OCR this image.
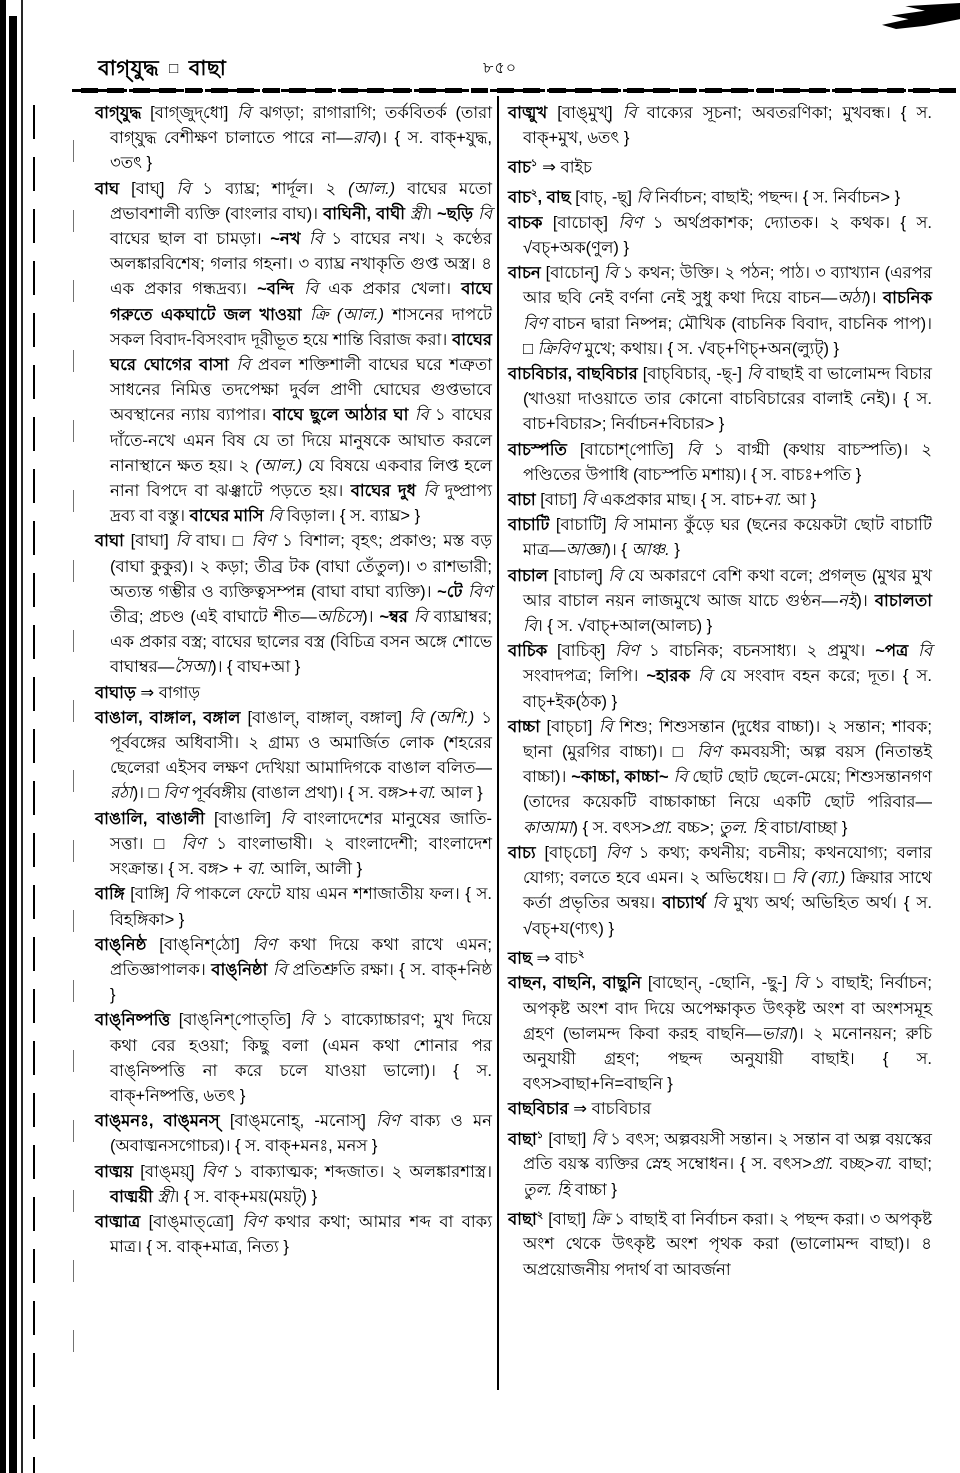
বাগ্‌যুদ্ধ □ বাছা	৮৫০

বাগ্‌যুদ্ধ [বাগ্‌জুদ্‌ধো] বি ঝগড়া; রাগারাগি; তর্কবিতর্ক (তারা বাগ্‌যুদ্ধ বেশীক্ষণ চালাতে পারে না—রাব)। { স. বাক্+যুদ্ধ, ৩তৎ }

বাঘ [বাঘ্] বি ১ ব্যাঘ্র; শার্দূল। ২ (আল.) বাঘের মতো প্রভাবশালী ব্যক্তি (বাংলার বাঘ)। বাঘিনী, বাঘী স্ত্রী। ~ছড়ি বি বাঘের ছাল বা চামড়া। ~নখ বি ১ বাঘের নখ। ২ কণ্ঠের অলঙ্কারবিশেষ; গলার গহনা। ৩ ব্যাঘ্র নখাকৃতি গুপ্ত অস্ত্র। ৪ এক প্রকার গন্ধদ্রব্য। ~বন্দি বি এক প্রকার খেলা। বাঘে গরুতে একঘাটে জল খাওয়া ক্রি (আল.) শাসনের দাপটে সকল বিবাদ-বিসংবাদ দূরীভূত হয়ে শান্তি বিরাজ করা। বাঘের ঘরে ঘোগের বাসা বি প্রবল শক্তিশালী বাঘের ঘরে শত্রুতা সাধনের নিমিত্ত তদপেক্ষা দুর্বল প্রাণী ঘোঘের গুপ্তভাবে অবস্থানের ন্যায় ব্যাপার। বাঘে ছুলে আঠার ঘা বি ১ বাঘের দাঁতে-নখে এমন বিষ যে তা দিয়ে মানুষকে আঘাত করলে নানাস্থানে ক্ষত হয়। ২ (আল.) যে বিষয়ে একবার লিপ্ত হলে নানা বিপদে বা ঝঞ্ঝাটে পড়তে হয়। বাঘের দুধ বি দুষ্প্রাপ্য দ্রব্য বা বস্তু। বাঘের মাসি বি বিড়াল। { স. ব্যাঘ্র> }

বাঘা [বাঘা] বি বাঘ। □ বিণ ১ বিশাল; বৃহৎ; প্রকাণ্ড; মস্ত বড় (বাঘা কুকুর)। ২ কড়া; তীব্র টক (বাঘা তেঁতুল)। ৩ রাশভারী; অত্যন্ত গম্ভীর ও ব্যক্তিত্বসম্পন্ন (বাঘা বাঘা ব্যক্তি)। ~টে বিণ তীব্র; প্রচণ্ড (এই বাঘাটে শীত—অচিসে)। ~ম্বর বি ব্যাঘ্রাম্বর; এক প্রকার বস্ত্র; বাঘের ছালের বস্ত্র (বিচিত্র বসন অঙ্গে শোভে বাঘাম্বর—সৈআ)। { বাঘ+আ }

বাঘাড় ⇒ বাগাড়

বাঙাল, বাঙ্গাল, বঙ্গাল [বাঙাল্, বাঙ্গাল্, বঙ্গাল্] বি (অশি.) ১ পূর্ববঙ্গের অধিবাসী। ২ গ্রাম্য ও অমার্জিত লোক (শহরের ছেলেরা এইসব লক্ষণ দেখিয়া আমাদিগকে বাঙাল বলিত—রঠা)। □ বিণ পূর্ববঙ্গীয় (বাঙাল প্রথা)। { স. বঙ্গ>+বা. আল }

বাঙালি, বাঙালী [বাঙালি] বি বাংলাদেশের মানুষের জাতি-সত্তা। □ বিণ ১ বাংলাভাষী। ২ বাংলাদেশী; বাংলাদেশ সংক্রান্ত। { স. বঙ্গ> + বা. আলি, আলী }

বাঙ্গি [বাঙ্গি] বি পাকলে ফেটে যায় এমন শশাজাতীয় ফল। { স. বিহঙ্গিকা> }

বাঙ্‌নিষ্ঠ [বাঙ্‌নিশ্‌ঠো] বিণ কথা দিয়ে কথা রাখে এমন; প্রতিজ্ঞাপালক। বাঙ্‌নিষ্ঠা বি প্রতিশ্রুতি রক্ষা। { স. বাক্+নিষ্ঠ }

বাঙ্‌নিষ্পত্তি [বাঙ্‌নিশ্‌পোত্‌তি] বি ১ বাক্যোচ্চারণ; মুখ দিয়ে কথা বের হওয়া; কিছু বলা (এমন কথা শোনার পর বাঙ্‌নিষ্পত্তি না করে চলে যাওয়া ভালো)। { স. বাক্+নিষ্পত্তি, ৬তৎ }

বাঙ্‌মনঃ, বাঙ্‌মনস্ [বাঙ্‌মনোহ্, -মনোস্] বিণ বাক্য ও মন (অবাঙ্মনসগোচর)। { স. বাক্+মনঃ, মনস }

বাঙ্ময় [বাঙ্‌ময়্] বিণ ১ বাক্যাত্মক; শব্দজাত। ২ অলঙ্কারশাস্ত্র। বাঙ্ময়ী স্ত্রী। { স. বাক্+ময়(ময়ট্) }

বাঙ্মাত্র [বাঙ্‌মাত্‌ত্রো] বিণ কথার কথা; আমার শব্দ বা বাক্য মাত্র। { স. বাক্+মাত্র, নিত্য }

বাঙ্মুখ [বাঙ্‌মুখ্] বি বাক্যের সূচনা; অবতরণিকা; মুখবন্ধ। { স. বাক্+মুখ, ৬তৎ }

বাচ$^১$ ⇒ বাইচ

বাচ$^২$, বাছ [বাচ্, -ছ্] বি নির্বাচন; বাছাই; পছন্দ। { স. নির্বাচন> }

বাচক [বাচোক্] বিণ ১ অর্থপ্রকাশক; দ্যোতক। ২ কথক। { স. √বচ্+অক(ণুল) }

বাচন [বাচোন্] বি ১ কথন; উক্তি। ২ পঠন; পাঠ। ৩ ব্যাখ্যান (এরপর আর ছবি নেই বর্ণনা নেই সুধু কথা দিয়ে বাচন—অঠা)। বাচনিক বিণ বাচন দ্বারা নিষ্পন্ন; মৌখিক (বাচনিক বিবাদ, বাচনিক পাপ)। □ ক্রিবিণ মুখে; কথায়। { স. √বচ্+ণিচ্+অন(ল্যুট্) }

বাচবিচার, বাছবিচার [বাচ্‌বিচার্, -ছ্-] বি বাছাই বা ভালোমন্দ বিচার (খাওয়া দাওয়াতে তার কোনো বাচবিচারের বালাই নেই)। { স. বাচ+বিচার>; নির্বাচন+বিচার> }

বাচস্পতি [বাচোশ্‌পোতি] বি ১ বাগ্মী (কথায় বাচস্পতি)। ২ পণ্ডিতের উপাধি (বাচস্পতি মশায়)। { স. বাচঃ+পতি }

বাচা [বাচা] বি একপ্রকার মাছ। { স. বাচ+বা. আ }

বাচাটি [বাচাটি] বি সামান্য কুঁড়ে ঘর (ছনের কয়েকটা ছোট বাচাটি মাত্র—আজ্ঞা)। { আঞ্চ. }

বাচাল [বাচাল্] বি যে অকারণে বেশি কথা বলে; প্রগল্‌ভ (মুখর মুখ আর বাচাল নয়ন লাজমুখে আজ যাচে গুণ্ঠন—নই)। বাচালতা বি। { স. √বাচ্+আল(আলচ) }

বাচিক [বাচিক্] বিণ ১ বাচনিক; বচনসাধ্য। ২ প্রমুখ। ~পত্র বি সংবাদপত্র; লিপি। ~হারক বি যে সংবাদ বহন করে; দূত। { স. বাচ্+ইক(ঠক) }

বাচ্চা [বাচ্‌চা] বি শিশু; শিশুসন্তান (দুধের বাচ্চা)। ২ সন্তান; শাবক; ছানা (মুরগির বাচ্চা)। □ বিণ কমবয়সী; অল্প বয়স (নিতান্তই বাচ্চা)। ~কাচ্চা, কাচ্চা~ বি ছোট ছোট ছেলে-মেয়ে; শিশুসন্তানগণ (তাদের কয়েকটি বাচ্চাকাচ্চা নিয়ে একটি ছোট পরিবার—কাআমা) { স. বৎস>প্রা. বচ্চ>; তুল. হি বাচা/বাচ্ছা }

বাচ্য [বাচ্‌চো] বিণ ১ কথ্য; কথনীয়; বচনীয়; কথনযোগ্য; বলার যোগ্য; বলতে হবে এমন। ২ অভিধেয়। □ বি (ব্যা.) ক্রিয়ার সাথে কর্তা প্রভৃতির অন্বয়। বাচ্যার্থ বি মুখ্য অর্থ; অভিহিত অর্থ। { স. √বচ্+য(ণ্যৎ) }

বাছ ⇒ বাচ$^২$

বাছন, বাছনি, বাছুনি [বাছোন্, -ছোনি, -ছু-] বি ১ বাছাই; নির্বাচন; অপকৃষ্ট অংশ বাদ দিয়ে অপেক্ষাকৃত উৎকৃষ্ট অংশ বা অংশসমূহ গ্রহণ (ভালমন্দ কিবা করহ বাছনি—ভারা)। ২ মনোনয়ন; রুচি অনুযায়ী গ্রহণ; পছন্দ অনুযায়ী বাছাই। { স. বৎস>বাছা+নি=বাছনি }

বাছবিচার ⇒ বাচবিচার

বাছা$^১$ [বাছা] বি ১ বৎস; অল্পবয়সী সন্তান। ২ সন্তান বা অল্প বয়স্কের প্রতি বয়স্ক ব্যক্তির স্নেহ সম্বোধন। { স. বৎস>প্রা. বচ্ছ>বা. বাছা; তুল. হি বাচ্চা }

বাছা$^২$ [বাছা] ক্রি ১ বাছাই বা নির্বাচন করা। ২ পছন্দ করা। ৩ অপকৃষ্ট অংশ থেকে উৎকৃষ্ট অংশ পৃথক করা (ভালোমন্দ বাছা)। ৪ অপ্রয়োজনীয় পদার্থ বা আবর্জনা
